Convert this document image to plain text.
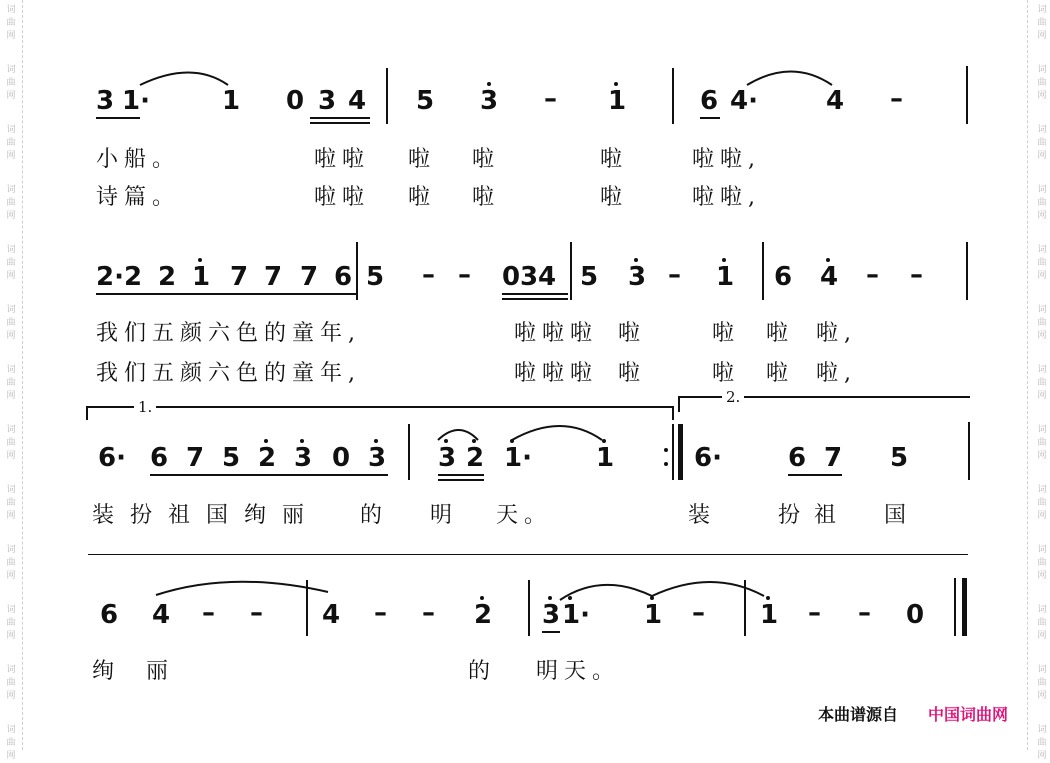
词
曲
网
词
曲
网
词
曲
网
词
曲
网
词
曲
网
词
曲
网
词
曲
网
词
曲
网
词
曲
网
词
曲
网
词
曲
网
词
曲
网
词
曲
网
词
曲
网
词
曲
网
词
曲
网
词
曲
网
词
曲
网
词
曲
网
词
曲
网
词
曲
网
词
曲
网
词
曲
网
词
曲
网
词
曲
网
词
曲
网
3 1·	1 0 3 4 5 3 – 1	6 4·	4 –
小船。	啦啦 啦 啦	啦	啦啦,
诗篇。	啦啦 啦 啦	啦	啦啦,
2·2 2 1 7 7 7 6 5 – – 0 3 4 5 3 – 1 6 4 – –
我们五颜六色的童年,	啦啦啦 啦	啦 啦 啦,
我们五颜六色的童年,	啦啦啦 啦	啦 啦 啦,
1.
2.
6· 6 7 5 2 3 0 3 3 2 1· 1	6·	6 7 5
装 扮 祖 国 绚 丽 的 明 天。	装	扮 祖 国
6 4 – – 4 – – 2 3 1· 1 – 1 – – 0
绚 丽	的 明天。
本曲谱源自 中国词曲网
